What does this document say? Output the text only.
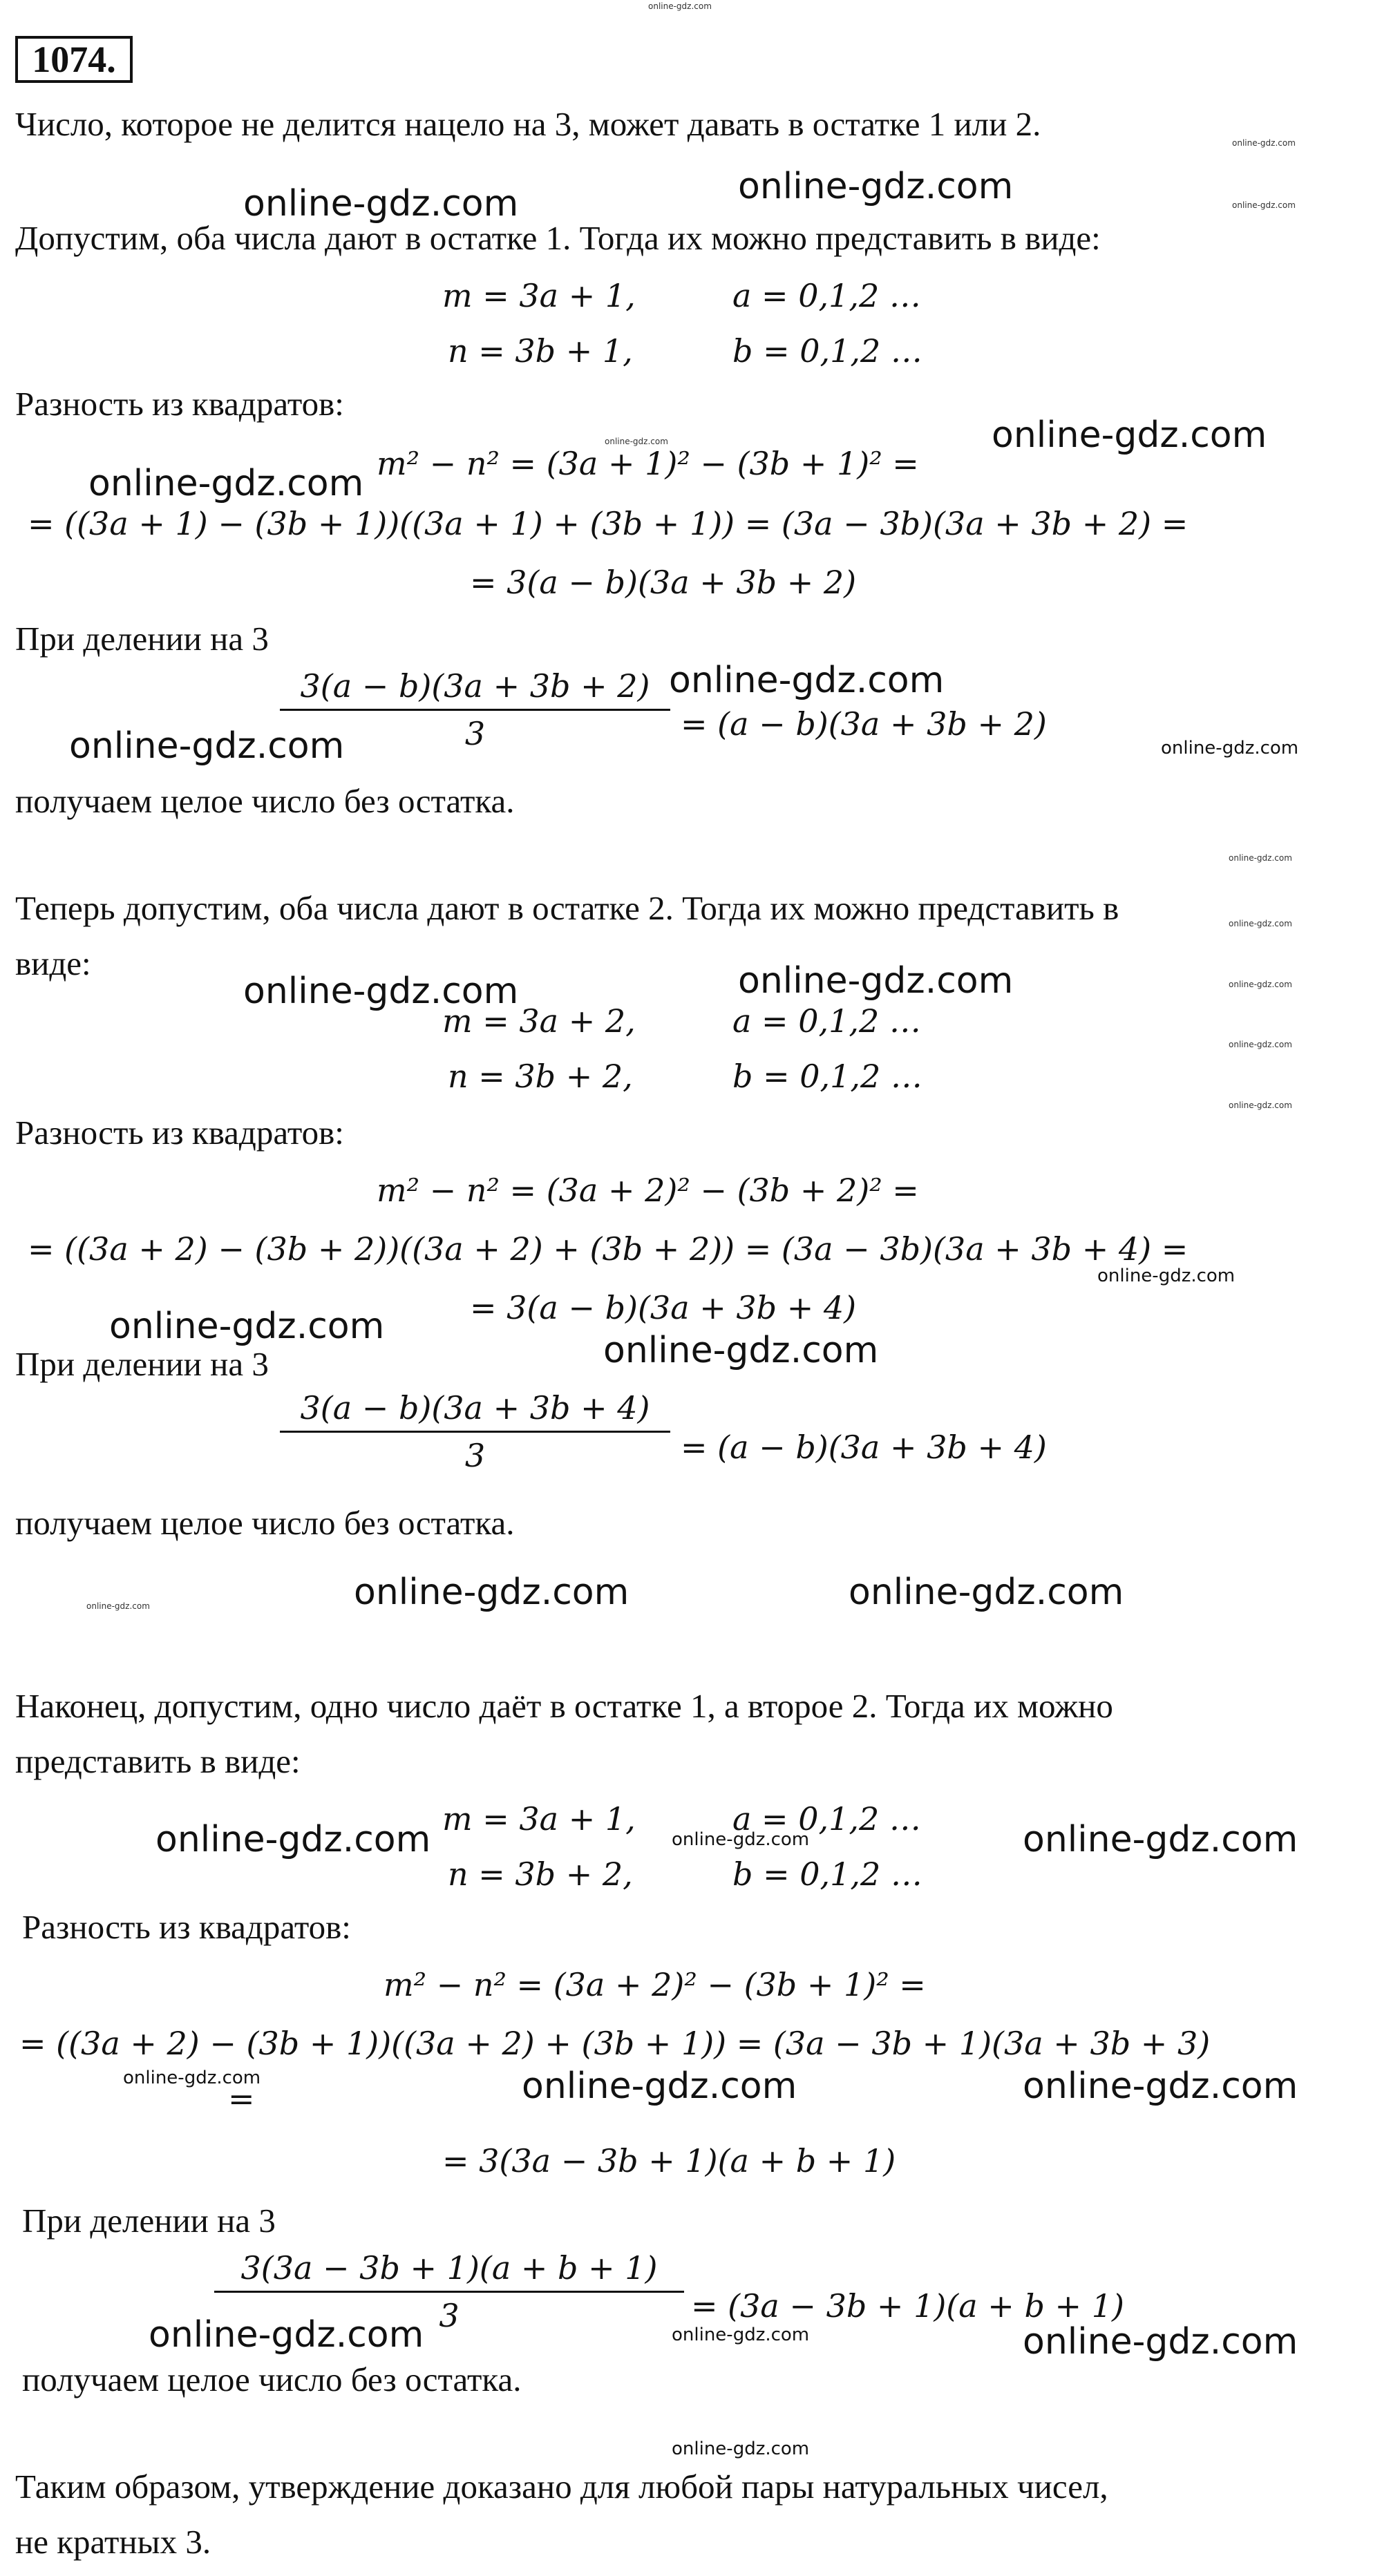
online-gdz.com
1074.
Число, которое не делится нацело на 3, может давать в остатке 1 или 2.
Допустим, оба числа дают в остатке 1. Тогда их можно представить в виде:
m = 3a + 1,	a = 0,1,2 …
n = 3b + 1,	b = 0,1,2 …
Разность из квадратов:
m² − n² = (3a + 1)² − (3b + 1)² =
= ((3a + 1) − (3b + 1))((3a + 1) + (3b + 1)) = (3a − 3b)(3a + 3b + 2) =
= 3(a − b)(3a + 3b + 2)
При делении на 3
3(a − b)(3a + 3b + 2)
3	= (a − b)(3a + 3b + 2)
получаем целое число без остатка.
Теперь допустим, оба числа дают в остатке 2. Тогда их можно представить в
виде:
m = 3a + 2,	a = 0,1,2 …
n = 3b + 2,	b = 0,1,2 …
Разность из квадратов:
m² − n² = (3a + 2)² − (3b + 2)² =
= ((3a + 2) − (3b + 2))((3a + 2) + (3b + 2)) = (3a − 3b)(3a + 3b + 4) =
= 3(a − b)(3a + 3b + 4)
При делении на 3
3(a − b)(3a + 3b + 4)
3	= (a − b)(3a + 3b + 4)
получаем целое число без остатка.
Наконец, допустим, одно число даёт в остатке 1, а второе 2. Тогда их можно
представить в виде:
m = 3a + 1,	a = 0,1,2 …
n = 3b + 2,	b = 0,1,2 …
Разность из квадратов:
m² − n² = (3a + 2)² − (3b + 1)² =
= ((3a + 2) − (3b + 1))((3a + 2) + (3b + 1)) = (3a − 3b + 1)(3a + 3b + 3)
=
= 3(3a − 3b + 1)(a + b + 1)
При делении на 3
3(3a − 3b + 1)(a + b + 1)
3	= (3a − 3b + 1)(a + b + 1)
получаем целое число без остатка.
Таким образом, утверждение доказано для любой пары натуральных чисел,
не кратных 3.
online-gdz.com
online-gdz.com
online-gdz.com
online-gdz.com
online-gdz.com
online-gdz.com
online-gdz.com
online-gdz.com
online-gdz.com	online-gdz.com
online-gdz.com
online-gdz.com
online-gdz.com
online-gdz.com	online-gdz.com
online-gdz.com
online-gdz.com
online-gdz.com
online-gdz.com
online-gdz.com
online-gdz.com	online-gdz.com	online-gdz.com
online-gdz.com	online-gdz.com	online-gdz.com
online-gdz.com	online-gdz.com	online-gdz.com
online-gdz.com	online-gdz.com	online-gdz.com
online-gdz.com
